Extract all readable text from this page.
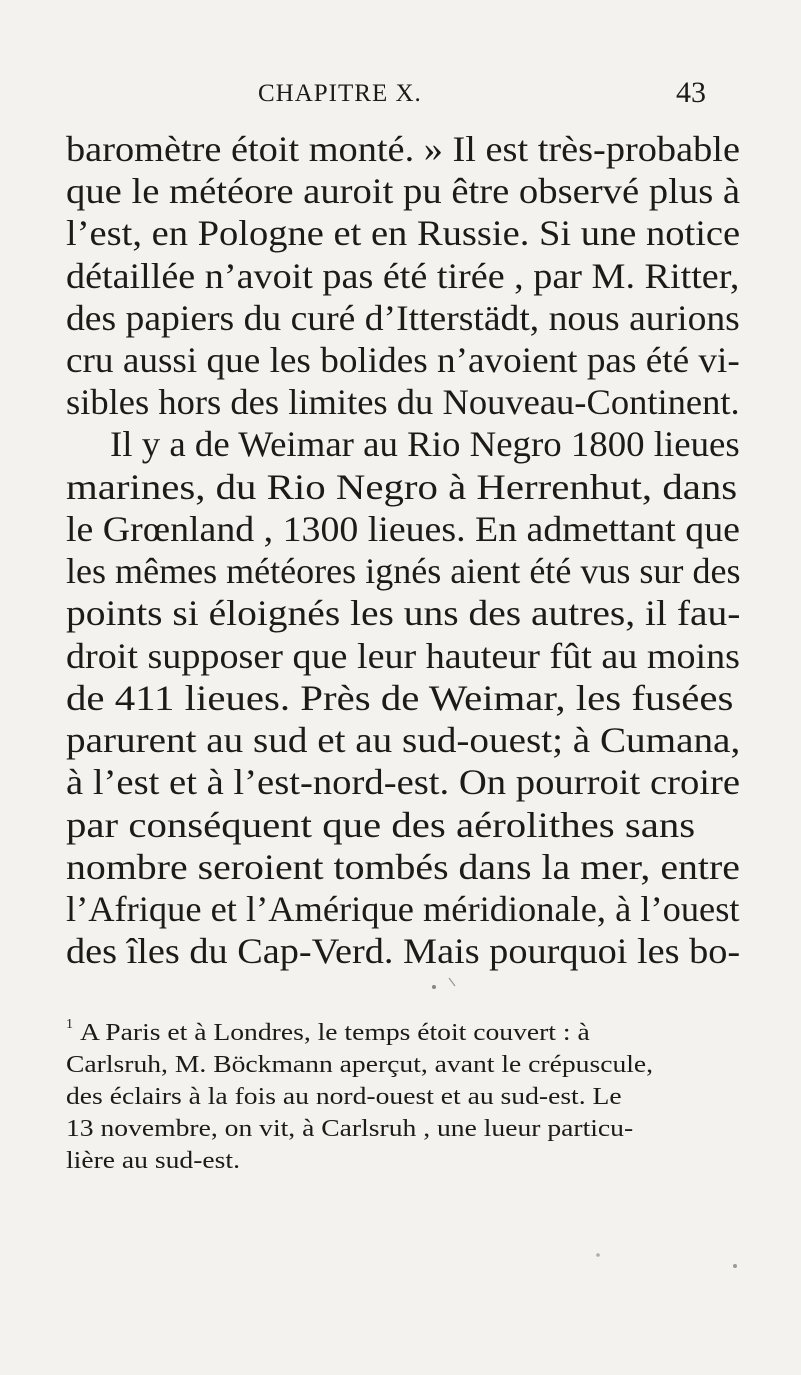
CHAPITRE X.	43
baromètre étoit monté. » Il est très-probable
que le météore auroit pu être observé plus à
l’est, en Pologne et en Russie. Si une notice
détaillée n’avoit pas été tirée , par M. Ritter,
des papiers du curé d’Itterstädt, nous aurions
cru aussi que les bolides n’avoient pas été vi-
sibles hors des limites du Nouveau-Continent.
Il y a de Weimar au Rio Negro 1800 lieues
marines, du Rio Negro à Herrenhut, dans
le Grœnland , 1300 lieues. En admettant que
les mêmes météores ignés aient été vus sur des
points si éloignés les uns des autres, il fau-
droit supposer que leur hauteur fût au moins
de 411 lieues. Près de Weimar, les fusées
parurent au sud et au sud-ouest; à Cumana,
à l’est et à l’est-nord-est. On pourroit croire
par conséquent que des aérolithes sans
nombre seroient tombés dans la mer, entre
l’Afrique et l’Amérique méridionale, à l’ouest
des îles du Cap-Verd. Mais pourquoi les bo-
1 A Paris et à Londres, le temps étoit couvert : à
Carlsruh, M. Böckmann aperçut, avant le crépuscule,
des éclairs à la fois au nord-ouest et au sud-est. Le
13 novembre, on vit, à Carlsruh , une lueur particu-
lière au sud-est.
